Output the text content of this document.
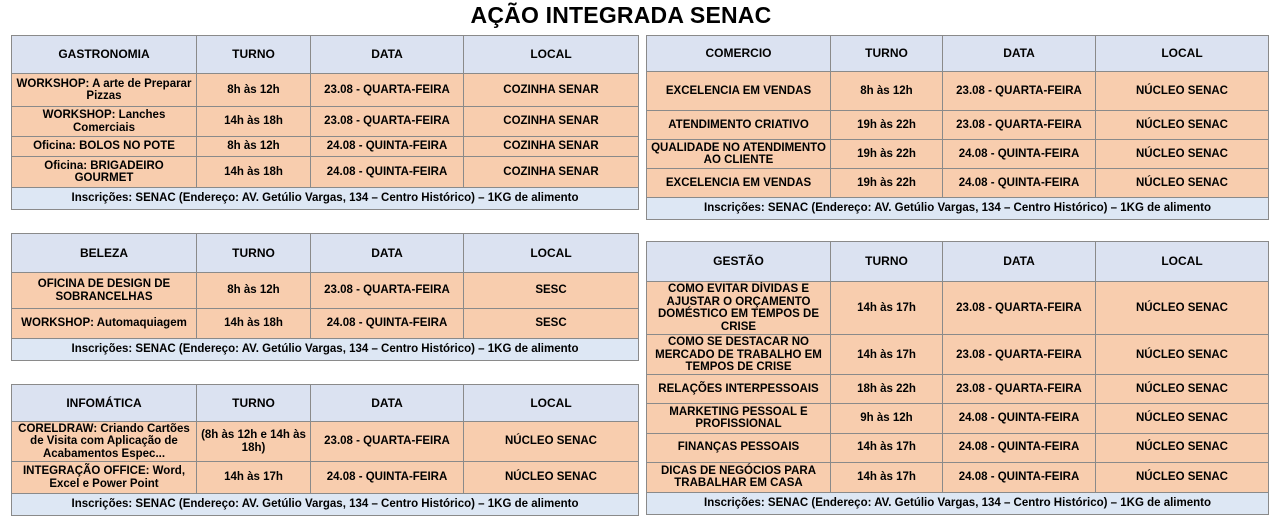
AÇÃO INTEGRADA SENAC
GASTRONOMIA	TURNO	DATA	LOCAL
WORKSHOP: A arte de Preparar Pizzas	8h às 12h	23.08 - QUARTA-FEIRA	COZINHA SENAR
WORKSHOP: Lanches Comerciais	14h às 18h	23.08 - QUARTA-FEIRA	COZINHA SENAR
Oficina: BOLOS NO POTE	8h às 12h	24.08 - QUINTA-FEIRA	COZINHA SENAR
Oficina: BRIGADEIRO GOURMET	14h às 18h	24.08 - QUINTA-FEIRA	COZINHA SENAR
Inscrições: SENAC (Endereço: AV. Getúlio Vargas, 134 – Centro Histórico) – 1KG de alimento			
BELEZA	TURNO	DATA	LOCAL
OFICINA DE DESIGN DE SOBRANCELHAS	8h às 12h	23.08 - QUARTA-FEIRA	SESC
WORKSHOP: Automaquiagem	14h às 18h	24.08 - QUINTA-FEIRA	SESC
Inscrições: SENAC (Endereço: AV. Getúlio Vargas, 134 – Centro Histórico) – 1KG de alimento			
INFOMÁTICA	TURNO	DATA	LOCAL
CORELDRAW: Criando Cartões de Visita com Aplicação de Acabamentos Espec...	(8h às 12h e 14h às 18h)	23.08 - QUARTA-FEIRA	NÚCLEO SENAC
INTEGRAÇÃO OFFICE: Word, Excel e Power Point	14h às 17h	24.08 - QUINTA-FEIRA	NÚCLEO SENAC
Inscrições: SENAC (Endereço: AV. Getúlio Vargas, 134 – Centro Histórico) – 1KG de alimento			
COMERCIO	TURNO	DATA	LOCAL
EXCELENCIA EM VENDAS	8h às 12h	23.08 - QUARTA-FEIRA	NÚCLEO SENAC
ATENDIMENTO CRIATIVO	19h às 22h	23.08 - QUARTA-FEIRA	NÚCLEO SENAC
QUALIDADE NO ATENDIMENTO AO CLIENTE	19h às 22h	24.08 - QUINTA-FEIRA	NÚCLEO SENAC
EXCELENCIA EM VENDAS	19h às 22h	24.08 - QUINTA-FEIRA	NÚCLEO SENAC
Inscrições: SENAC (Endereço: AV. Getúlio Vargas, 134 – Centro Histórico) – 1KG de alimento			
GESTÃO	TURNO	DATA	LOCAL
COMO EVITAR DÍVIDAS E AJUSTAR O ORÇAMENTO DOMÉSTICO EM TEMPOS DE CRISE	14h às 17h	23.08 - QUARTA-FEIRA	NÚCLEO SENAC
COMO SE DESTACAR NO MERCADO DE TRABALHO EM TEMPOS DE CRISE	14h às 17h	23.08 - QUARTA-FEIRA	NÚCLEO SENAC
RELAÇÕES INTERPESSOAIS	18h às 22h	23.08 - QUARTA-FEIRA	NÚCLEO SENAC
MARKETING PESSOAL E PROFISSIONAL	9h às 12h	24.08 - QUINTA-FEIRA	NÚCLEO SENAC
FINANÇAS PESSOAIS	14h às 17h	24.08 - QUINTA-FEIRA	NÚCLEO SENAC
DICAS DE NEGÓCIOS PARA TRABALHAR EM CASA	14h às 17h	24.08 - QUINTA-FEIRA	NÚCLEO SENAC
Inscrições: SENAC (Endereço: AV. Getúlio Vargas, 134 – Centro Histórico) – 1KG de alimento			
